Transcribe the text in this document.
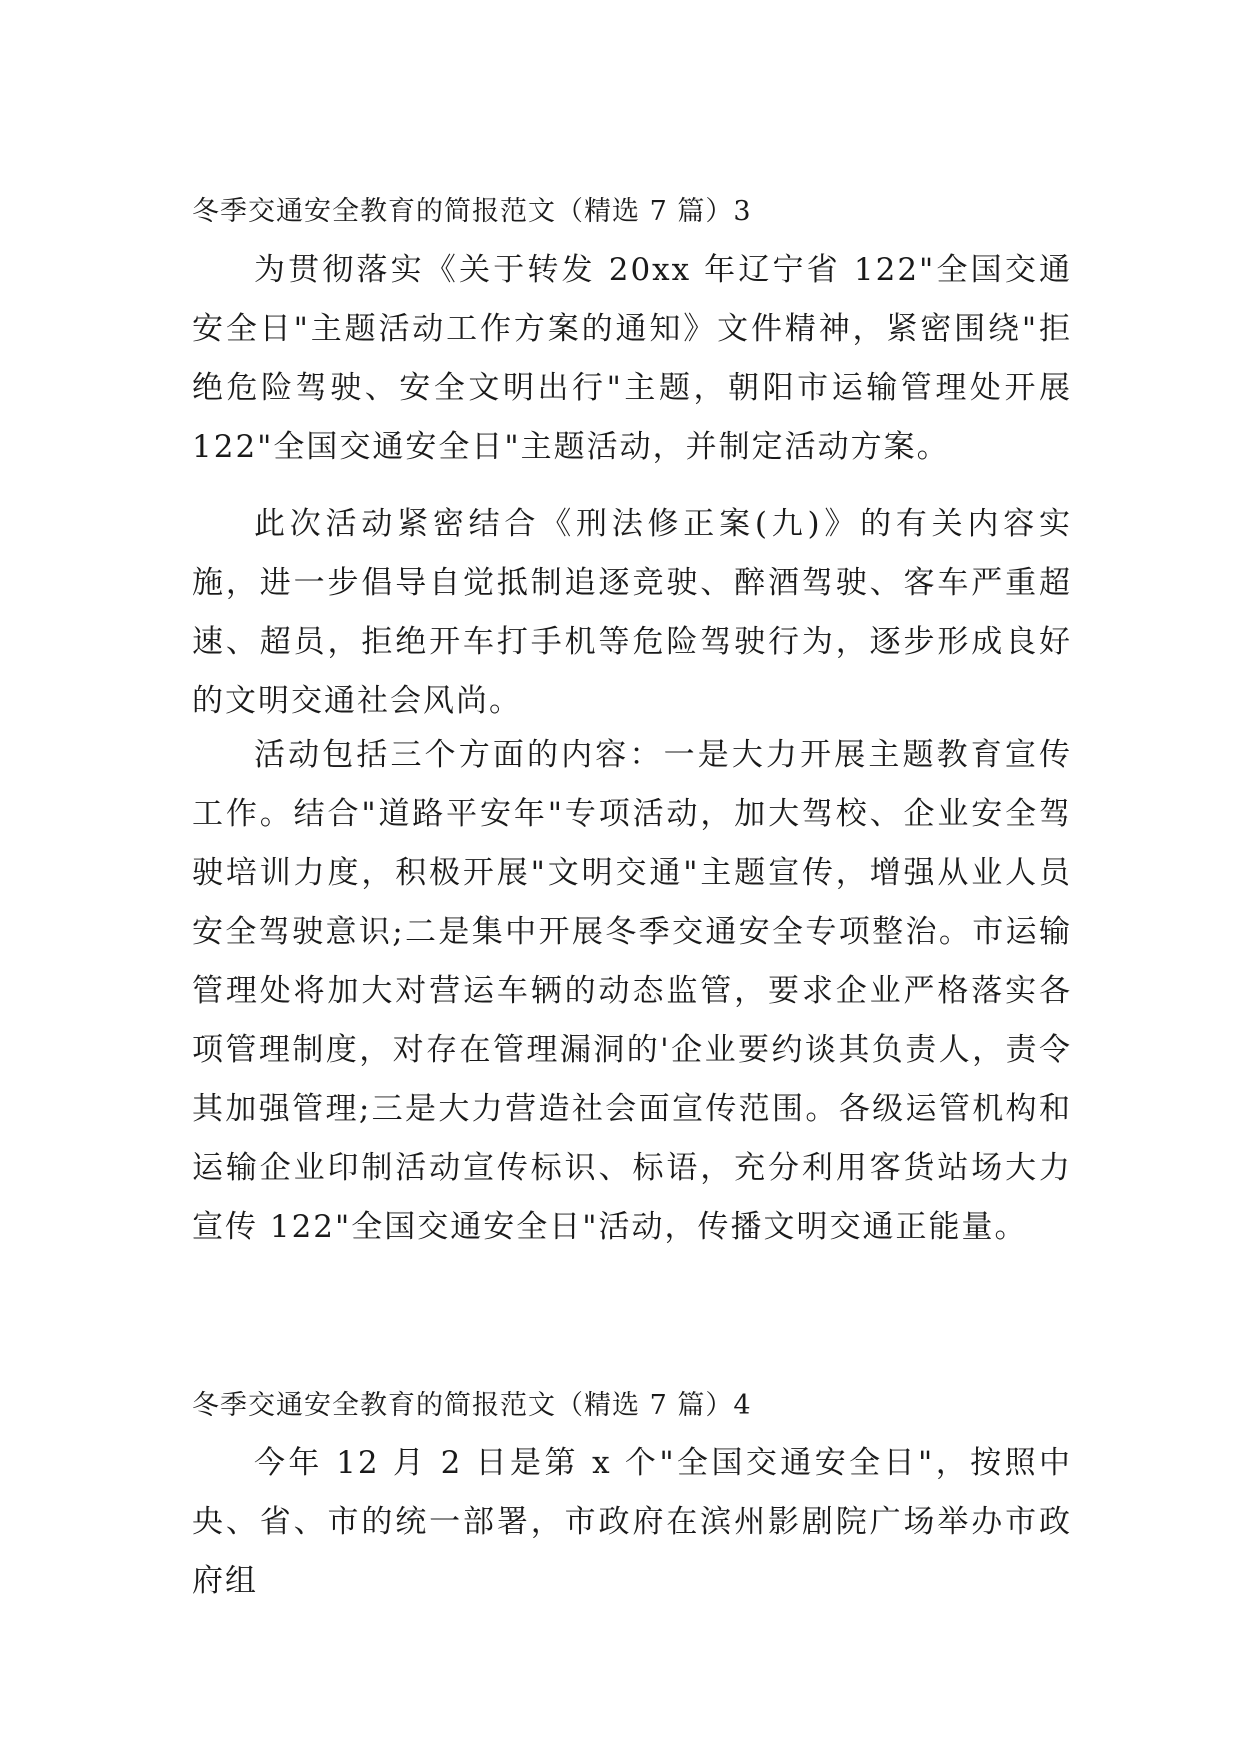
冬季交通安全教育的简报范文（精选 7 篇）3

为贯彻落实《关于转发 20xx 年辽宁省 122"全国交通安全日"主题活动工作方案的通知》文件精神，紧密围绕"拒绝危险驾驶、安全文明出行"主题，朝阳市运输管理处开展 122"全国交通安全日"主题活动，并制定活动方案。

此次活动紧密结合《刑法修正案(九)》的有关内容实施，进一步倡导自觉抵制追逐竞驶、醉酒驾驶、客车严重超速、超员，拒绝开车打手机等危险驾驶行为，逐步形成良好的文明交通社会风尚。

活动包括三个方面的内容：一是大力开展主题教育宣传工作。结合"道路平安年"专项活动，加大驾校、企业安全驾驶培训力度，积极开展"文明交通"主题宣传，增强从业人员安全驾驶意识;二是集中开展冬季交通安全专项整治。市运输管理处将加大对营运车辆的动态监管，要求企业严格落实各项管理制度，对存在管理漏洞的'企业要约谈其负责人，责令其加强管理;三是大力营造社会面宣传范围。各级运管机构和运输企业印制活动宣传标识、标语，充分利用客货站场大力宣传 122"全国交通安全日"活动，传播文明交通正能量。

冬季交通安全教育的简报范文（精选 7 篇）4

今年 12 月 2 日是第 x 个"全国交通安全日"，按照中央、省、市的统一部署，市政府在滨州影剧院广场举办市政府组
